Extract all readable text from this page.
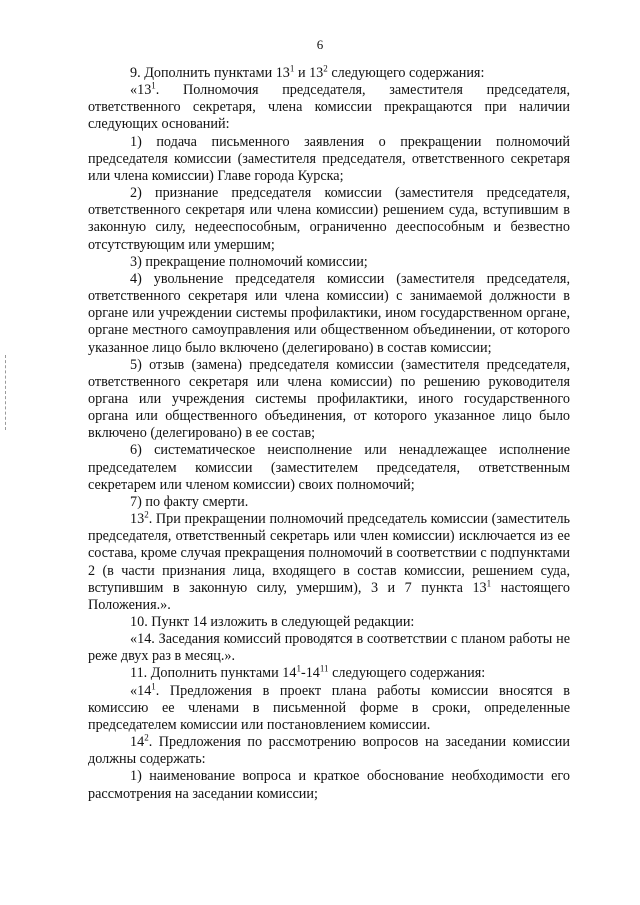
6

9. Дополнить пунктами $13^1$ и $13^2$ следующего содержания:

«$13^1$. Полномочия председателя, заместителя председателя, ответственного секретаря, члена комиссии прекращаются при наличии следующих оснований:

1) подача письменного заявления о прекращении полномочий председателя комиссии (заместителя председателя, ответственного секретаря или члена комиссии) Главе города Курска;

2) признание председателя комиссии (заместителя председателя, ответственного секретаря или члена комиссии) решением суда, вступившим в законную силу, недееспособным, ограниченно дееспособным и безвестно отсутствующим или умершим;

3) прекращение полномочий комиссии;

4) увольнение председателя комиссии (заместителя председателя, ответственного секретаря или члена комиссии) с занимаемой должности в органе или учреждении системы профилактики, ином государственном органе, органе местного самоуправления или общественном объединении, от которого указанное лицо было включено (делегировано) в состав комиссии;

5) отзыв (замена) председателя комиссии (заместителя председателя, ответственного секретаря или члена комиссии) по решению руководителя органа или учреждения системы профилактики, иного государственного органа или общественного объединения, от которого указанное лицо было включено (делегировано) в ее состав;

6) систематическое неисполнение или ненадлежащее исполнение председателем комиссии (заместителем председателя, ответственным секретарем или членом комиссии) своих полномочий;

7) по факту смерти.

$13^2$. При прекращении полномочий председатель комиссии (заместитель председателя, ответственный секретарь или член комиссии) исключается из ее состава, кроме случая прекращения полномочий в соответствии с подпунктами 2 (в части признания лица, входящего в состав комиссии, решением суда, вступившим в законную силу, умершим), 3 и 7 пункта $13^1$ настоящего Положения.».

10. Пункт 14 изложить в следующей редакции:

«14. Заседания комиссий проводятся в соответствии с планом работы не реже двух раз в месяц.».

11. Дополнить пунктами $14^1-14^{11}$ следующего содержания:

«$14^1$. Предложения в проект плана работы комиссии вносятся в комиссию ее членами в письменной форме в сроки, определенные председателем комиссии или постановлением комиссии.

$14^2$. Предложения по рассмотрению вопросов на заседании комиссии должны содержать:

1) наименование вопроса и краткое обоснование необходимости его рассмотрения на заседании комиссии;
